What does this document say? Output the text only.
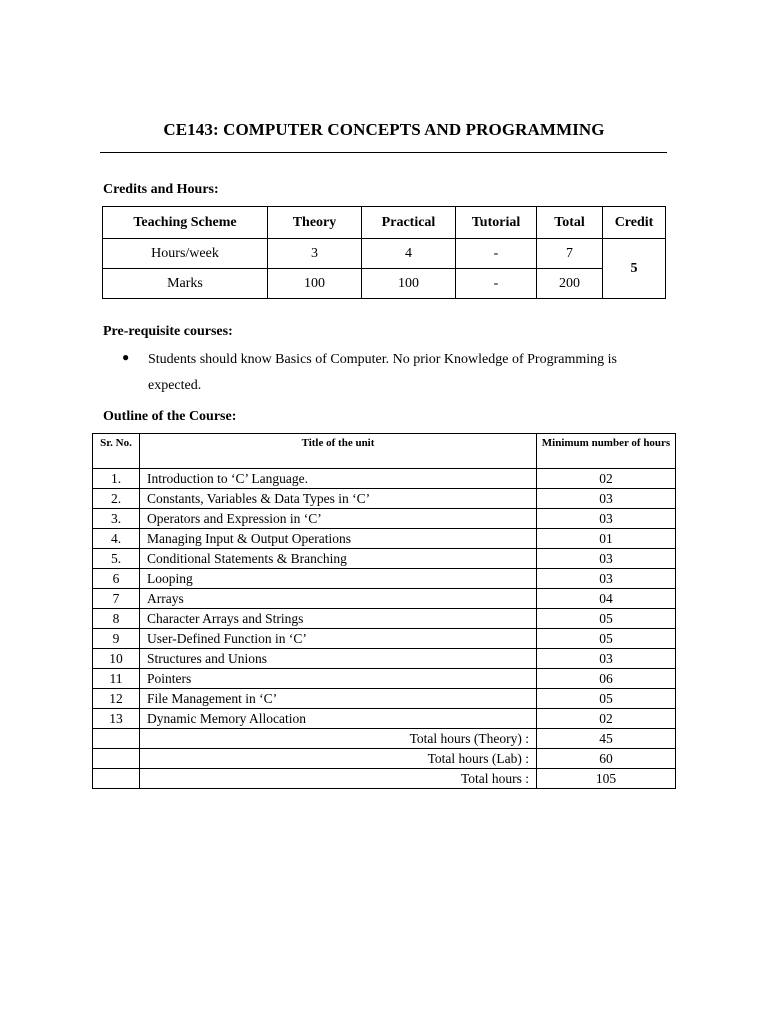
CE143: COMPUTER CONCEPTS AND PROGRAMMING
Credits and Hours:
Teaching Scheme	Theory	Practical	Tutorial	Total	Credit
Hours/week	3	4	-	7	5
Marks	100	100	-	200	
Pre-requisite courses:
●	Students should know Basics of Computer. No prior Knowledge of Programming is expected.
Outline of the Course:
Sr. No.	Title of the unit	Minimum number of hours
1.	Introduction to ‘C’ Language.	02
2.	Constants, Variables & Data Types in ‘C’	03
3.	Operators and Expression in ‘C’	03
4.	Managing Input & Output Operations	01
5.	Conditional Statements & Branching	03
6	Looping	03
7	Arrays	04
8	Character Arrays and Strings	05
9	User-Defined Function in ‘C’	05
10	Structures and Unions	03
11	Pointers	06
12	File Management in ‘C’	05
13	Dynamic Memory Allocation	02
	Total hours (Theory) :	45
	Total hours (Lab) :	60
	Total hours :	105
